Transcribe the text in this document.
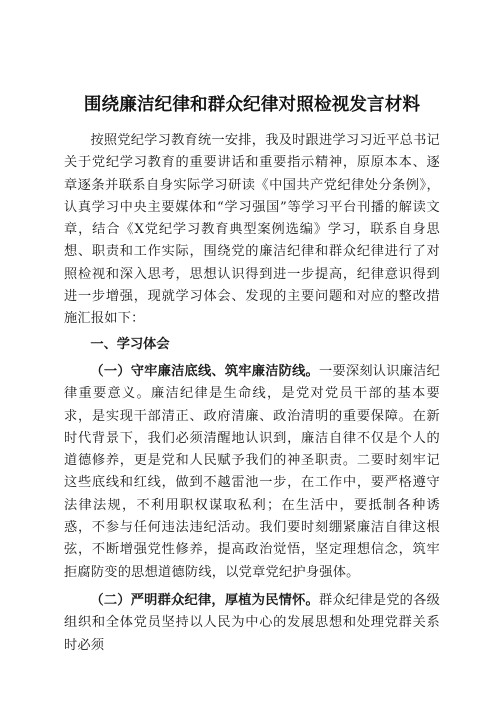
围绕廉洁纪律和群众纪律对照检视发言材料

按照党纪学习教育统一安排，我及时跟进学习习近平总书记关于党纪学习教育的重要讲话和重要指示精神，原原本本、逐章逐条并联系自身实际学习研读《中国共产党纪律处分条例》，认真学习中央主要媒体和“学习强国”等学习平台刊播的解读文章，结合《X党纪学习教育典型案例选编》学习，联系自身思想、职责和工作实际，围绕党的廉洁纪律和群众纪律进行了对照检视和深入思考，思想认识得到进一步提高，纪律意识得到进一步增强，现就学习体会、发现的主要问题和对应的整改措施汇报如下：

一、学习体会

（一）守牢廉洁底线、筑牢廉洁防线。一要深刻认识廉洁纪律重要意义。廉洁纪律是生命线，是党对党员干部的基本要求，是实现干部清正、政府清廉、政治清明的重要保障。在新时代背景下，我们必须清醒地认识到，廉洁自律不仅是个人的道德修养，更是党和人民赋予我们的神圣职责。二要时刻牢记这些底线和红线，做到不越雷池一步，在工作中，要严格遵守法律法规，不利用职权谋取私利；在生活中，要抵制各种诱惑，不参与任何违法违纪活动。我们要时刻绷紧廉洁自律这根弦，不断增强党性修养，提高政治觉悟，坚定理想信念，筑牢拒腐防变的思想道德防线，以党章党纪护身强体。

（二）严明群众纪律，厚植为民情怀。群众纪律是党的各级组织和全体党员坚持以人民为中心的发展思想和处理党群关系时必须
